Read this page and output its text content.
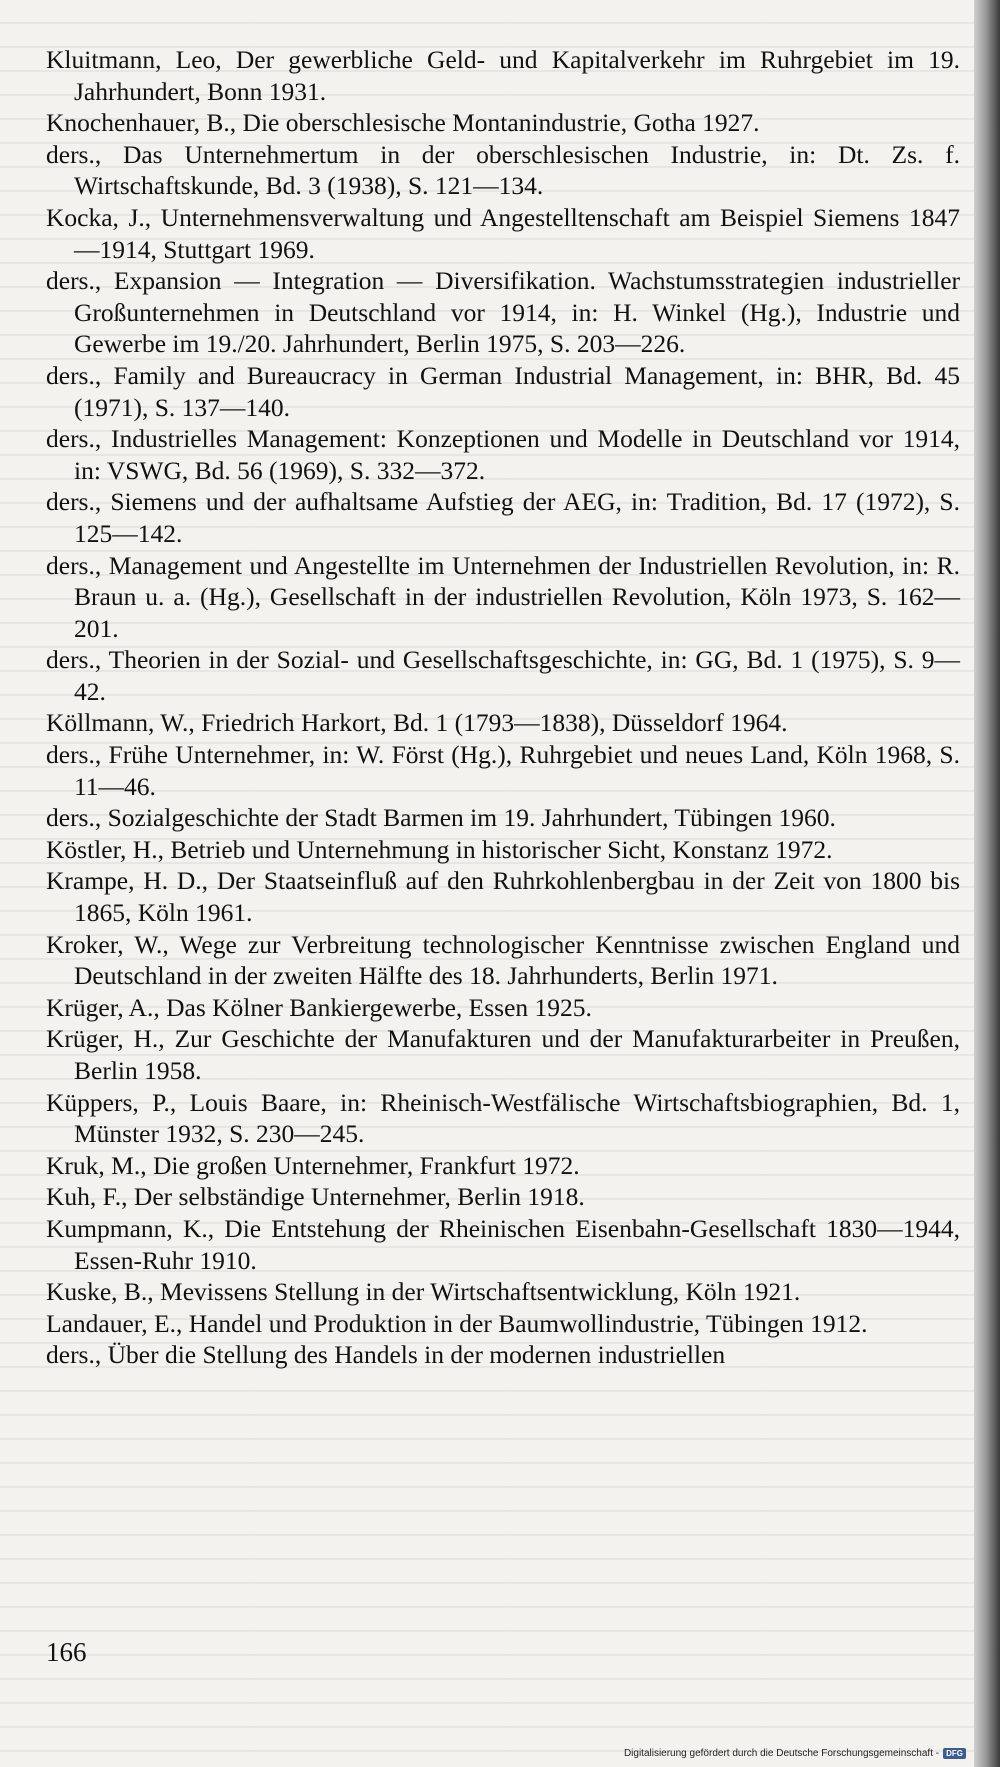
Kluitmann, Leo, Der gewerbliche Geld- und Kapitalverkehr im Ruhrgebiet im 19. Jahrhundert, Bonn 1931.
Knochenhauer, B., Die oberschlesische Montanindustrie, Gotha 1927.
ders., Das Unternehmertum in der oberschlesischen Industrie, in: Dt. Zs. f. Wirtschaftskunde, Bd. 3 (1938), S. 121—134.
Kocka, J., Unternehmensverwaltung und Angestelltenschaft am Beispiel Siemens 1847—1914, Stuttgart 1969.
ders., Expansion — Integration — Diversifikation. Wachstumsstrategien industrieller Großunternehmen in Deutschland vor 1914, in: H. Winkel (Hg.), Industrie und Gewerbe im 19./20. Jahrhundert, Berlin 1975, S. 203—226.
ders., Family and Bureaucracy in German Industrial Management, in: BHR, Bd. 45 (1971), S. 137—140.
ders., Industrielles Management: Konzeptionen und Modelle in Deutschland vor 1914, in: VSWG, Bd. 56 (1969), S. 332—372.
ders., Siemens und der aufhaltsame Aufstieg der AEG, in: Tradition, Bd. 17 (1972), S. 125—142.
ders., Management und Angestellte im Unternehmen der Industriellen Revolution, in: R. Braun u. a. (Hg.), Gesellschaft in der industriellen Revolution, Köln 1973, S. 162—201.
ders., Theorien in der Sozial- und Gesellschaftsgeschichte, in: GG, Bd. 1 (1975), S. 9—42.
Köllmann, W., Friedrich Harkort, Bd. 1 (1793—1838), Düsseldorf 1964.
ders., Frühe Unternehmer, in: W. Först (Hg.), Ruhrgebiet und neues Land, Köln 1968, S. 11—46.
ders., Sozialgeschichte der Stadt Barmen im 19. Jahrhundert, Tübingen 1960.
Köstler, H., Betrieb und Unternehmung in historischer Sicht, Konstanz 1972.
Krampe, H. D., Der Staatseinfluß auf den Ruhrkohlenbergbau in der Zeit von 1800 bis 1865, Köln 1961.
Kroker, W., Wege zur Verbreitung technologischer Kenntnisse zwischen England und Deutschland in der zweiten Hälfte des 18. Jahrhunderts, Berlin 1971.
Krüger, A., Das Kölner Bankiergewerbe, Essen 1925.
Krüger, H., Zur Geschichte der Manufakturen und der Manufakturarbeiter in Preußen, Berlin 1958.
Küppers, P., Louis Baare, in: Rheinisch-Westfälische Wirtschaftsbiographien, Bd. 1, Münster 1932, S. 230—245.
Kruk, M., Die großen Unternehmer, Frankfurt 1972.
Kuh, F., Der selbständige Unternehmer, Berlin 1918.
Kumpmann, K., Die Entstehung der Rheinischen Eisenbahn-Gesellschaft 1830—1944, Essen-Ruhr 1910.
Kuske, B., Mevissens Stellung in der Wirtschaftsentwicklung, Köln 1921.
Landauer, E., Handel und Produktion in der Baumwollindustrie, Tübingen 1912.
ders., Über die Stellung des Handels in der modernen industriellen
166
Digitalisierung gefördert durch die Deutsche Forschungsgemeinschaft - DFG
